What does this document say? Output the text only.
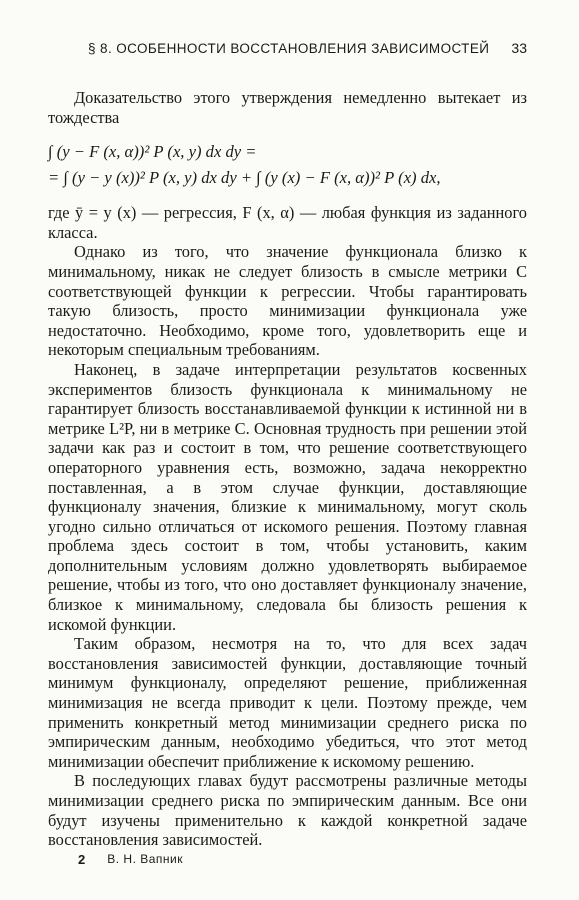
§ 8. ОСОБЕННОСТИ ВОССТАНОВЛЕНИЯ ЗАВИСИМОСТЕЙ 33

Доказательство этого утверждения немедленно вытекает из тождества

∫ (y − F (x, α))² P (x, y) dx dy =
= ∫ (y − y (x))² P (x, y) dx dy + ∫ (y (x) − F (x, α))² P (x) dx,

где ȳ = y (x) — регрессия, F (x, α) — любая функция из заданного класса.

Однако из того, что значение функционала близко к минимальному, никак не следует близость в смысле метрики C соответствующей функции к регрессии. Чтобы гарантировать такую близость, просто минимизации функционала уже недостаточно. Необходимо, кроме того, удовлетворить еще и некоторым специальным требованиям.

Наконец, в задаче интерпретации результатов косвенных экспериментов близость функционала к минимальному не гарантирует близость восстанавливаемой функции к истинной ни в метрике L²P, ни в метрике C. Основная трудность при решении этой задачи как раз и состоит в том, что решение соответствующего операторного уравнения есть, возможно, задача некорректно поставленная, а в этом случае функции, доставляющие функционалу значения, близкие к минимальному, могут сколь угодно сильно отличаться от искомого решения. Поэтому главная проблема здесь состоит в том, чтобы установить, каким дополнительным условиям должно удовлетворять выбираемое решение, чтобы из того, что оно доставляет функционалу значение, близкое к минимальному, следовала бы близость решения к искомой функции.

Таким образом, несмотря на то, что для всех задач восстановления зависимостей функции, доставляющие точный минимум функционалу, определяют решение, приближенная минимизация не всегда приводит к цели. Поэтому прежде, чем применить конкретный метод минимизации среднего риска по эмпирическим данным, необходимо убедиться, что этот метод минимизации обеспечит приближение к искомому решению.

В последующих главах будут рассмотрены различные методы минимизации среднего риска по эмпирическим данным. Все они будут изучены применительно к каждой конкретной задаче восстановления зависимостей.

2 В. Н. Вапник
